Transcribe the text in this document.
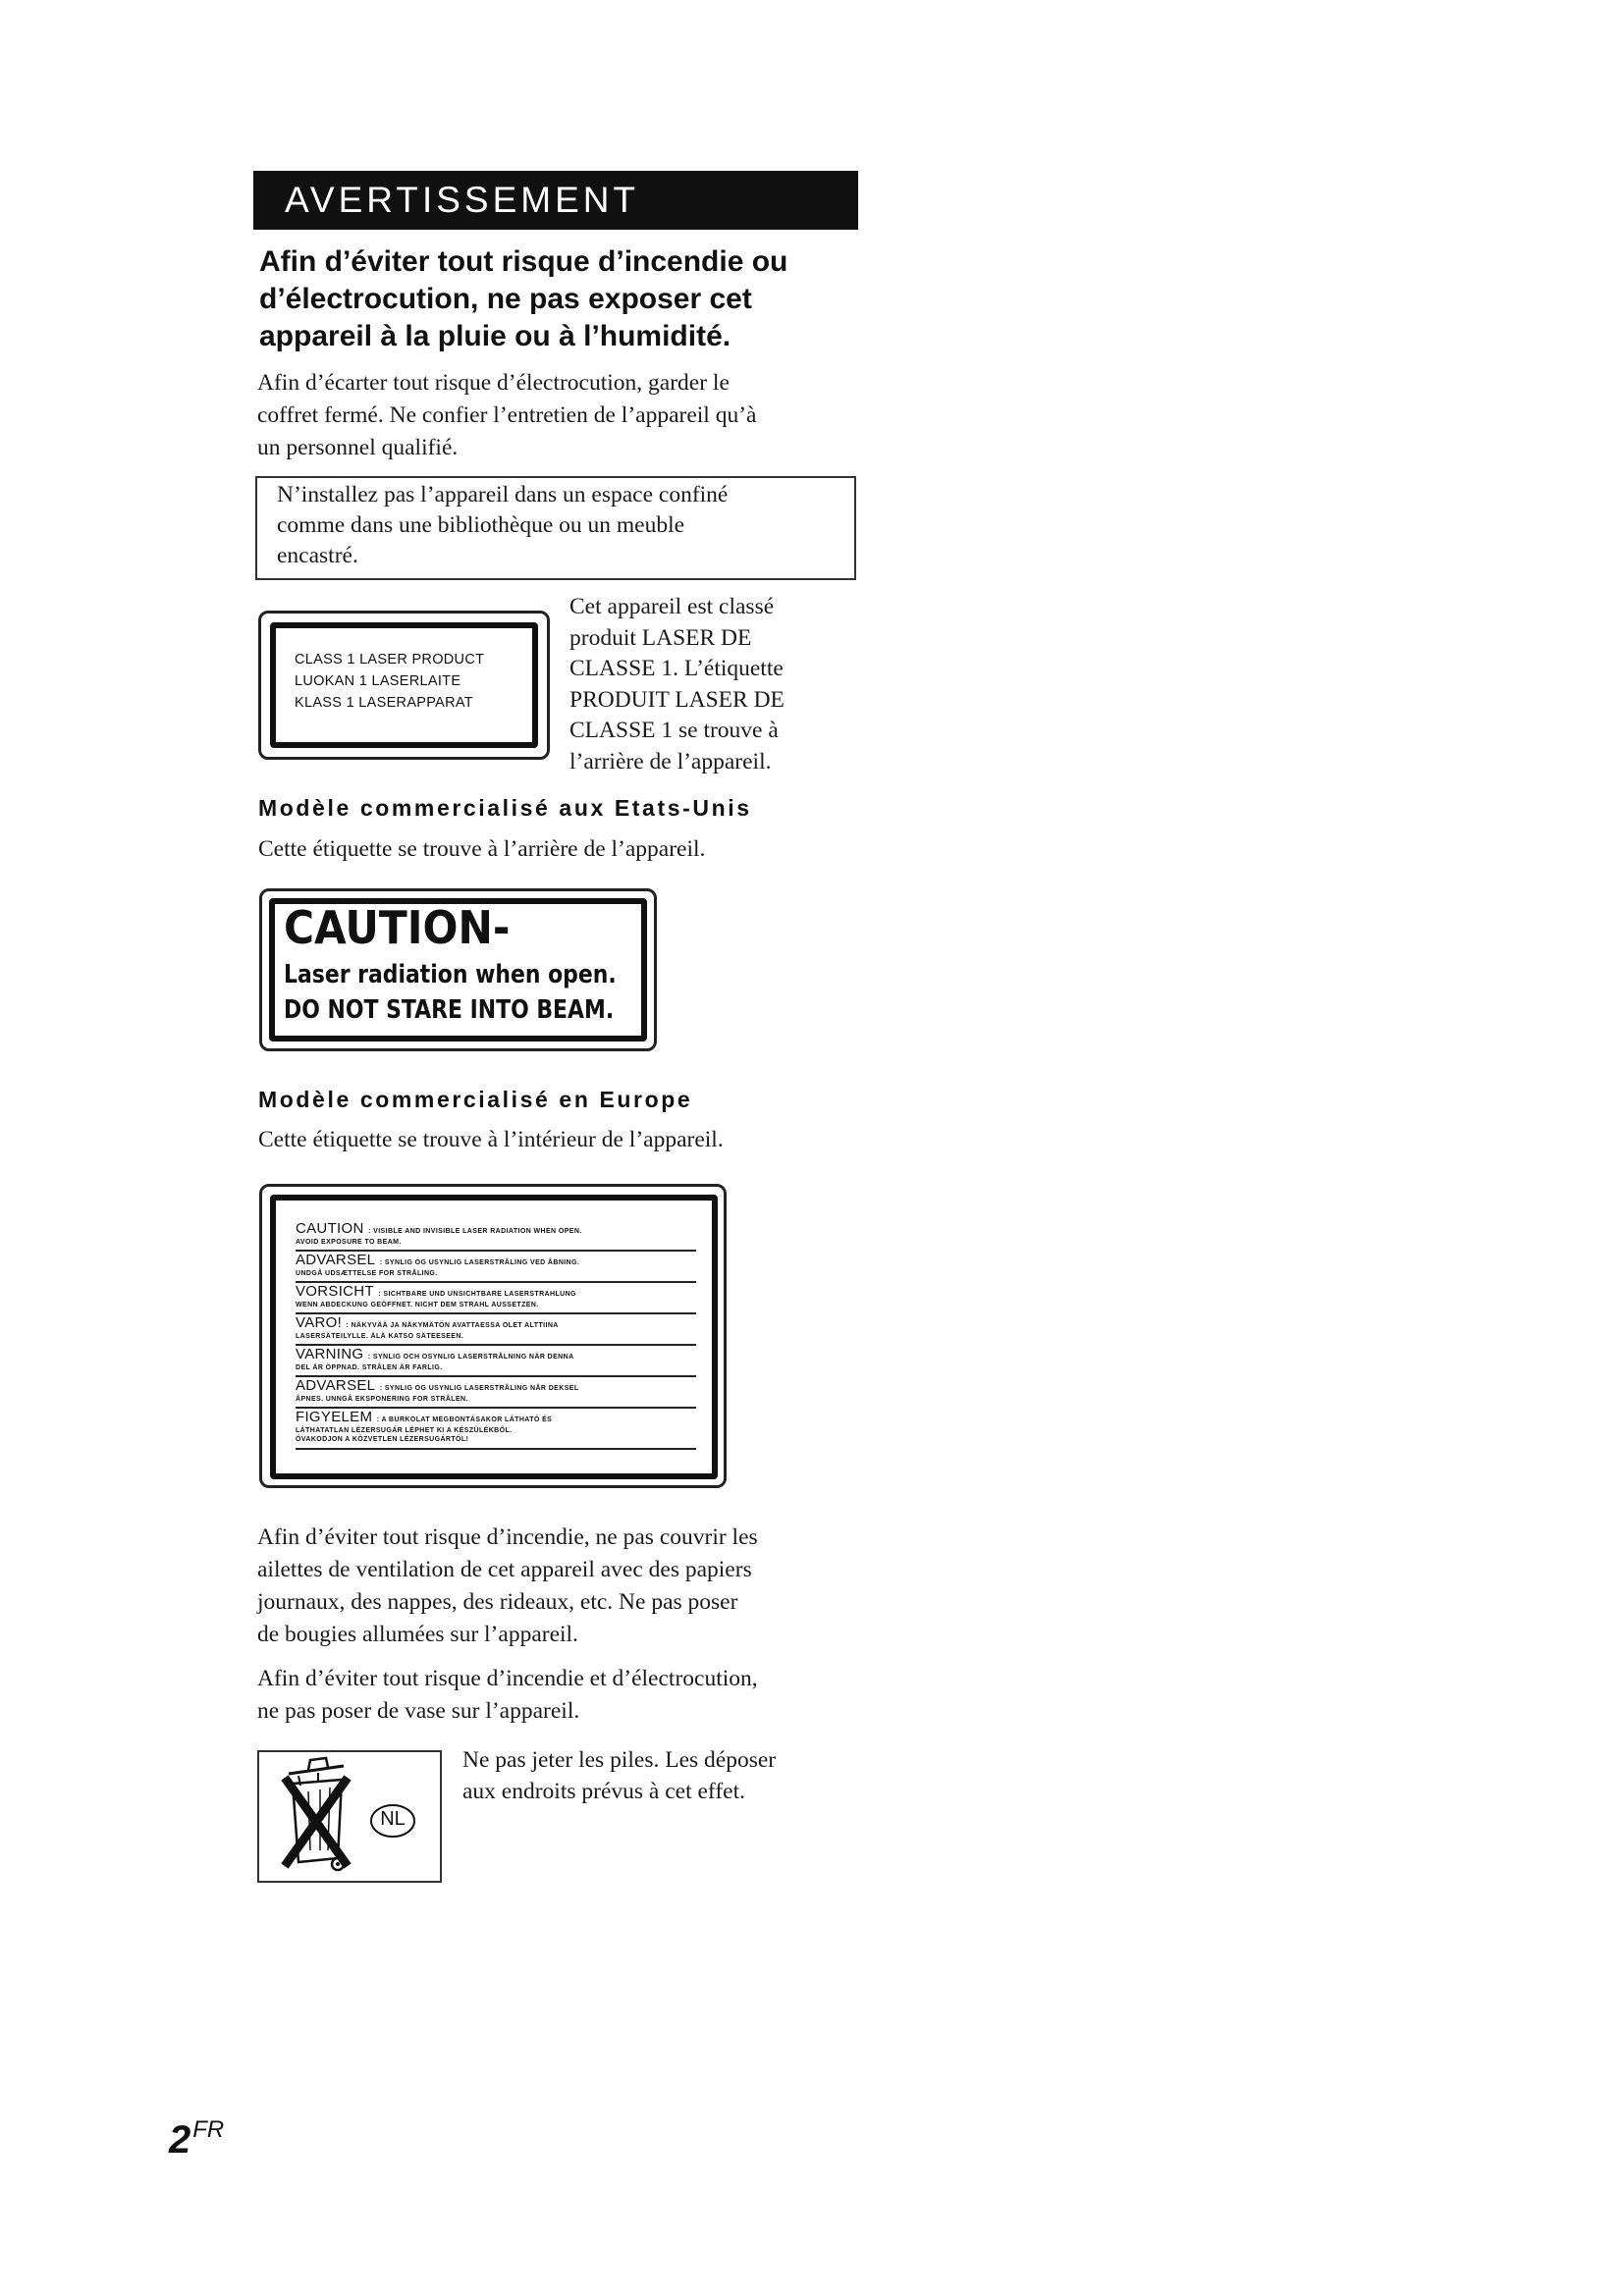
AVERTISSEMENT
Afin d’éviter tout risque d’incendie ou
d’électrocution, ne pas exposer cet
appareil à la pluie ou à l’humidité.

Afin d’écarter tout risque d’électrocution, garder le

coffret fermé. Ne confier l’entretien de l’appareil qu’à

un personnel qualifié.

N’installez pas l’appareil dans un espace confiné

comme dans une bibliothèque ou un meuble

encastré.

CLASS 1 LASER PRODUCT
LUOKAN 1 LASERLAITE
KLASS 1 LASERAPPARAT
Cet appareil est classé
produit LASER DE
CLASSE 1. L’étiquette
PRODUIT LASER DE
CLASSE 1 se trouve à
l’arrière de l’appareil.
Modèle commercialisé aux Etats-Unis

Cette étiquette se trouve à l’arrière de l’appareil.

CAUTION-
Laser radiation when open.
DO NOT STARE INTO BEAM.
Modèle commercialisé en Europe

Cette étiquette se trouve à l’intérieur de l’appareil.

CAUTION : VISIBLE AND INVISIBLE LASER RADIATION WHEN OPEN.
AVOID EXPOSURE TO BEAM.
ADVARSEL : SYNLIG OG USYNLIG LASERSTRÅLING VED ÅBNING.
UNDGÅ UDSÆTTELSE FOR STRÅLING.
VORSICHT : SICHTBARE UND UNSICHTBARE LASERSTRAHLUNG
WENN ABDECKUNG GEÖFFNET. NICHT DEM STRAHL AUSSETZEN.
VARO! : NÄKYVÄÄ JA NÄKYMÄTÖN AVATTAESSA OLET ALTTIINA
LASERSÄTEILYLLE. ÄLÄ KATSO SÄTEESEEN.
VARNING : SYNLIG OCH OSYNLIG LASERSTRÅLNING NÄR DENNA
DEL ÄR ÖPPNAD. STRÅLEN ÄR FARLIG.
ADVARSEL : SYNLIG OG USYNLIG LASERSTRÅLING NÅR DEKSEL
ÅPNES. UNNGÅ EKSPONERING FOR STRÅLEN.
FIGYELEM : A BURKOLAT MEGBONTÁSAKOR LÁTHATÓ ÉS
LÁTHATATLAN LÉZERSUGÁR LÉPHET KI A KÉSZÜLÉKBŐL.
ÓVAKODJON A KÖZVETLEN LÉZERSUGÁRTÓL!

Afin d’éviter tout risque d’incendie, ne pas couvrir les

ailettes de ventilation de cet appareil avec des papiers

journaux, des nappes, des rideaux, etc. Ne pas poser

de bougies allumées sur l’appareil.

Afin d’éviter tout risque d’incendie et d’électrocution,

ne pas poser de vase sur l’appareil.

NL
Ne pas jeter les piles. Les déposer
aux endroits prévus à cet effet.
$2^{FR}$
